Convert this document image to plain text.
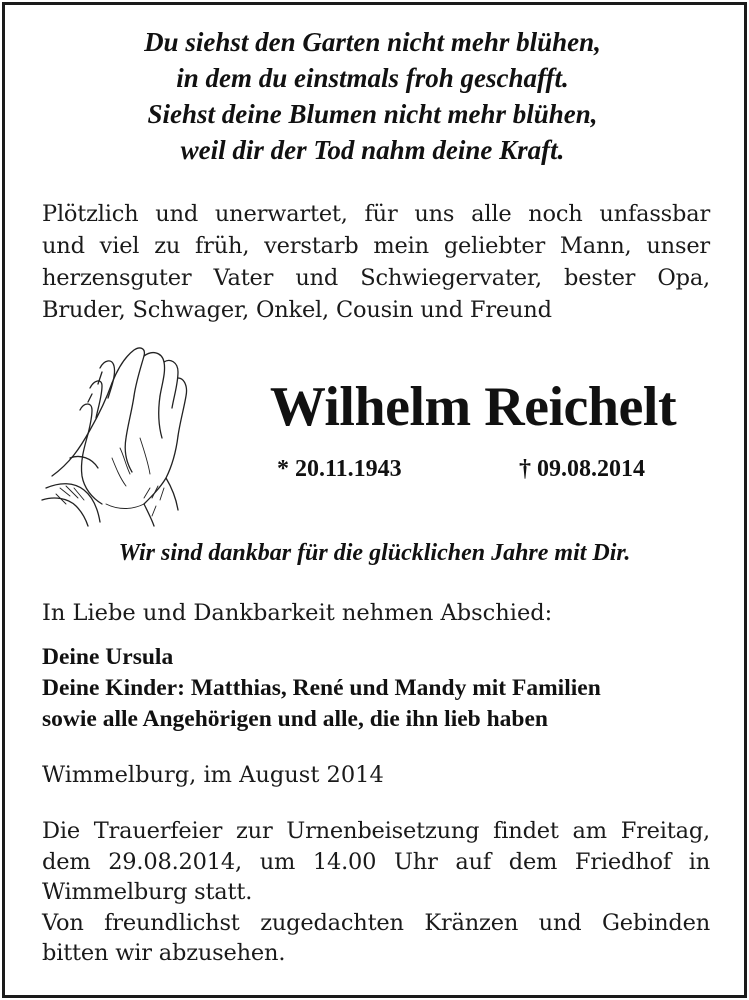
Du siehst den Garten nicht mehr blühen,
in dem du einstmals froh geschafft.
Siehst deine Blumen nicht mehr blühen,
weil dir der Tod nahm deine Kraft.
Plötzlich und unerwartet, für uns alle noch unfassbar
und viel zu früh, verstarb mein geliebter Mann, unser
herzensguter Vater und Schwiegervater, bester Opa,
Bruder, Schwager, Onkel, Cousin und Freund
Wilhelm Reichelt
* 20.11.1943	† 09.08.2014
Wir sind dankbar für die glücklichen Jahre mit Dir.
In Liebe und Dankbarkeit nehmen Abschied:
Deine Ursula
Deine Kinder: Matthias, René und Mandy mit Familien
sowie alle Angehörigen und alle, die ihn lieb haben
Wimmelburg, im August 2014
Die Trauerfeier zur Urnenbeisetzung findet am Freitag,
dem 29.08.2014, um 14.00 Uhr auf dem Friedhof in
Wimmelburg statt.
Von freundlichst zugedachten Kränzen und Gebinden
bitten wir abzusehen.
